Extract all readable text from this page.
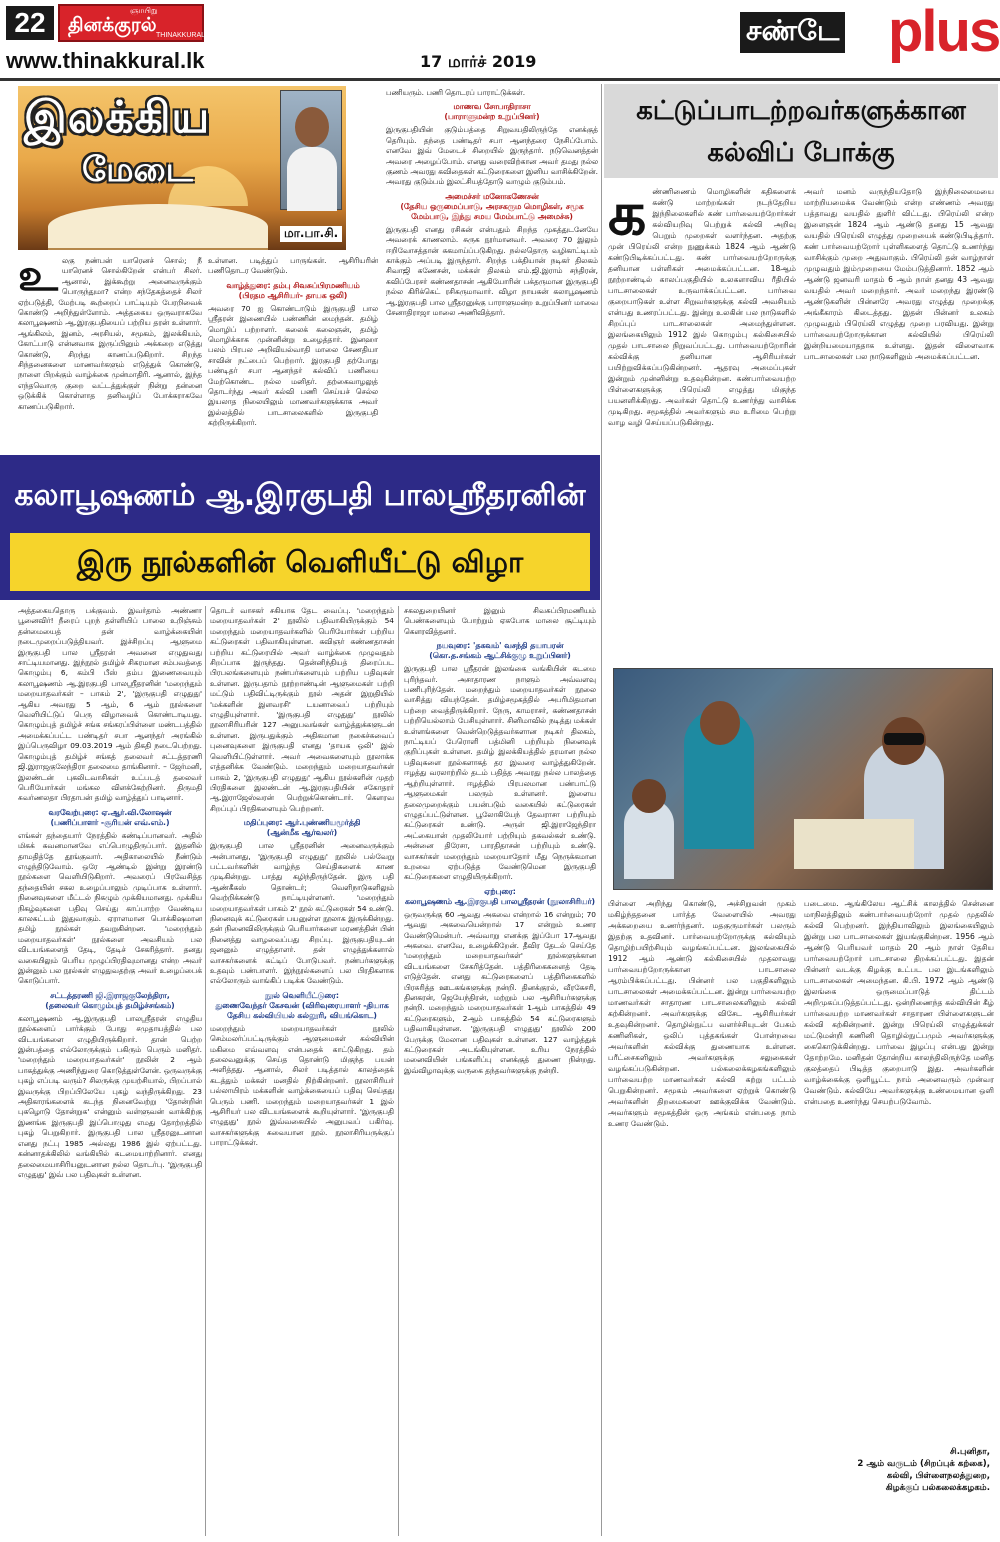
22	ஞாயிறு
தினக்குரல் THINAKKURAL
www.thinakkural.lk	17 மார்ச் 2019
சண்டே plus
இலக்கிய
மேடை
மா.பா.சி.
உ லகு நண்பன் யாரெனச் சொல்; நீ யாரெனச் சொல்கிறேன் என்பர் சிலர். ஆனால், இக்கூற்று அனைவருக்கும் பொருந்துமா? என்ற சந்தேகத்தைச் சிலர் ஏற்படுத்தி, மேற்படி கூற்றைப் பாட்டியும் பேரறிவைக் கொண்டு அறிந்துள்ளோம். அத்தகைய ஒருவராகவே கலாபூஷணம் ஆ.இரகுபதியைப் பற்றிய தரன் உள்ளார். ஆங்கிலம், இனம், அரசியல், சமூகம், இலக்கியம், கோட்பாடு என்னவாக இருப்பினும் அக்கறை எடுத்து கொண்டு, சிறந்து காணப்படுகிறார். சிறந்த சிந்தனைகளை மாணவர்களும் எடுத்துக் கொண்டு, நாளை பிறக்கும் வாழ்க்கை முன்மாதிரி. ஆனால், இந்த எந்தவொரு குறை வட்டத்துக்குள் நின்று தன்னை ஒடுக்கிக் கொள்ளாத தனிவழிப் போக்கராகவே காணப்படுகிறார்.

உள்ளன. படித்துப் பாருங்கள். ஆசிரியரின் பணிதொடர வேண்டும்.

வாழ்த்துரை: தம்பு சிவசுப்பிரமணியம்
(பிரதம ஆசிரியர்- தாயக ஒலி)

அவரை 70 ஐ கொண்டாடும் இருகுபதி பால ஸ்ரீதரன் இணையில் பண்ணின் மைந்தன். தமிழ் மொழிப் பற்றாளர். கலைக் கலைஞன், தமிழ் மொழிக்காக முன்னின்று உழைத்தார். இனஹா பலம் பிரபல அறிவியல்வாதி மாலை சேணதியா சாவின் நட்பைப் பெற்றார். இரகுபதி தற்போது பண்டிதர் சபா ஆனந்தர் கல்விப் பணியை மேற்கொண்ட நல்ல மனிதர். தற்கைவாழலுத் தொடர்ந்து அவர் கல்வி பணி செய்யச் செல்ல இயலாத நிலையிலும் மாணவர்களுக்காக அவர் இல்லத்தில் பாடசாலைகளில் இருகுபதி கற்றிருக்கிறார்.

பணியரும். பணி தொடரப் பாராட்டுக்கள்.

மாணவ சோபாதிராசா
(பாராளுமன்ற உறுப்பினர்)

இருகுபதியின் குடும்பத்தை சிறுவயதிலிருந்தே எனக்குத் தெரியும். தந்தை பண்டிதர் சபா ஆனந்தரை நேசிப்போம். எனவே இவ் மேடைச் சிறையில் இருந்தார். நடுவெனத்தன் அவரை அழைப்போம். எனது வரைவிற்கான அவர் தமது நல்ல குணம் அவரது கவிதைகள் கட்டுரைகளை இனிய வாசிக்கிறேன். அவரது குடும்பம் இலட்சியத்தோடு வாழும் குடும்பம்.

அமைச்சர் மனோகணேசன்
(தேசிய ஒருமைப்பாடு, அரசகரும மொழிகள், சமூக மேம்பாடு, இந்து சமய மேம்பாட்டு அமைச்சு)

இருகுபதி எனது ரசிகன் என்பதும் சிறந்த முகத்துடனேயே அவரைக் காணலாம். சுருக நூர்மானவர். அவரை 70 இலும் ஈறிவோசத்தான் சுகமாய்ப்படுகிறது. நல்லதொரு வழிகாட்டிபம் காக்கும் அப்படி இருந்தார். சிறந்த பக்தியான் நடிகர் திலகம் சிவாஜி கணேசன், மக்கள் திலகம் எம்.ஜி.இராம் சந்திரன், கவிப்பேரசர் கண்ணதாசன் ஆகியோரின் பக்தருமான இருகுபதி நல்ல கிரிக்கெட் ரசிகருமாவார். விழா நாயகன் கலாபூஷணம் ஆ.இரகுபதி பால ஸ்ரீதரனுக்கு பாராளுமன்ற உறுப்பினர் மாவை சேனாதிராஜா மாலை அணிவித்தார்.

கலாபூஷணம் ஆ.இரகுபதி பாலஸ்ரீதரனின்
இரு நூல்களின் வெளியீட்டு விழா

அத்தகையதொரு பக்குவம். இவர்தாம் அண்ணா பூனைவிர்! நீரைப் புறந் தள்ளியிப் பாலை உறிஞ்சும் தன்மையைத் தன் வாழ்க்கையின் நடைமுறைப்படுத்தியவர். இச்சிறப்பு ஆளுமை இருகுபதி பால ஸ்ரீதரன் அவனை எழுதுவது சாட்டியமானது. இந்நூல் தமிழ்ச் சிகரமான சம்பவத்தை கொழும்பு 6, கம்பி பீஸ் தம்ப இணைவையும் கலாபூஷணம் ஆ.இரகுபதி பாலஸ்ரீதரனின் 'மறைந்தும் மறையாதவர்கள் – பாகம் 2', 'இருகுபதி எழுதுது' ஆகிய அவரது 5 ஆம், 6 ஆம் நூல்களை வெளியிட்டுப் பெரு விழாவைக் கொண்டாடியது. கொழும்புத் தமிழ்ச் சங்க சங்கரப்பிள்ளை மண்டபத்தில் அமைக்கப்பட்ட பண்டிதர் சபா ஆனந்தர் அரங்கில் இப்பெருவிழா 09.03.2019 ஆம் திகதி நடைபெற்றது. கொழும்புத் தமிழ்ச் சங்கத் தலைவர் சட்டத்தரணி ஜி.இராஜகுலேந்திரா தலைமை தாங்கினார். – ஜேர்மனி, இலண்டன் புகலிடவாசிகள் உட்படத் தலைவர் பெரியோர்கள் மங்கல விளக்கேற்றினர். திருமதி சுவர்ணலதா பிரதாபன் தமிழ் வாழ்த்துப் பாடினார்.

வரவேற்புரை: ஏ.ஆர்.வி.லோஷன்
(பணிப்பாளர் -சூரியன் எவ்.எம்.)

எங்கள் தந்தையார் நேரத்தில் கண்டிப்பானவர். அதில் மிகக் கவனமானவே எப்பொழுதிருப்பார். இதனில் தாமதித்தே தூங்குவார். அதிகாலையில் நீண்டும் எழுந்திடுவோம். ஒரே ஆண்டில் இன்று இரண்டு நூல்களை வெளியிடுகிறார். அவரைப் பிரவேசித்த தந்தையின் சகல உழைப்பாலும் முடிப்பாக உள்ளார். நினைவுகளை மீட்டல் நிகழும் முக்கியமானது. முக்கிய நிகழ்வுகளை பதிவு செய்து காப்பாற்ற வேண்டிய காலகட்டம் இதுவாகும். ஏராளமான பொக்கிஷமான தமிழ் நூல்கள் தவறுகின்றன. 'மறைந்தும் மறையாதவர்கள்' நூல்களை அவசியம் பல விடயங்களைத் தேடி, தேடிச் சேகரித்தார். தனது வகையிலும் பெரிய முழுப்பிரதிவுமானது என்ற அவர் இன்னும் பல நூல்கள் எழுதுவதற்கு அவர் உழைப்பைக் கொடுப்பார்.

சட்டத்தரணி ஜி.இராஜகுலேந்திரா,
(தலைவர் கொழும்புத் தமிழ்ச்சங்கம்)

கலாபூஷணம் ஆ.இருகுபதி பாலஸ்ரீதரன் எழுதிய நூல்களைப் பார்க்கும் போது சமுதாயத்தில் பல விடயங்களை எழுதியிருக்கிறார். தான் பெற்ற இன்பத்தை எல்லோருக்கும் பகிரும் பெரும் மனிதர். 'மறைந்தும் மறையாதவர்கள்' நூலின் 2 ஆம் பாகத்துக்கு அணிந்துரை கொடுத்துள்ளேன். ஒருவருக்கு புகழ் எப்படி வரும்? சிலருக்கு முயற்சியால், பிறப்பால் இவருக்கு பிறப்பிலேயே புகழ் வந்திருக்கிறது. 23 அதிகாரங்களைக் கடந்த நினைவேற்று 'தோன்றின் புகழொடு தோன்றுக' என்னும் வள்ளுவன் வாக்கிற்கு இணங்க இருகுபதி இப்பொழுது எமது தோற்றத்தில் புகழ் பெறுகிறார். இருகுபதி பால ஸ்ரீதரனுடனான எனது நட்பு 1985 அல்லது 1986 இல் ஏற்பட்டது. கன்னாதக்கிலில் வங்கியில் கடமையாற்றினார். எனது தலைமையாசிரியனுடனான நல்ல தொடர்பு. 'இருகுபதி எழுதுது' இவ் பல பதிவுகள் உள்ளன.

தொடர் வாசகர் சகியாக தேட வைப்பு. 'மறைந்தும் மறையாதவர்கள் 2' நூலில் பதிவாகியிருக்கும் 54 மறைந்தும் மறையாதவர்களில் பெரியோர்கள் பற்றிய கட்டுரைகள் பதிவாகியுள்ளன. கவிஞர் கண்ணதாசன் பற்றிய கட்டுரையில் அவர் வாழ்க்கை முழுவதும் சிறப்பாக இருந்தது. தென்னிந்தியத் திரைப்பட பிரபலங்களையும் நண்பர்களையும் பற்றிய பதிவுகள் உள்ளன. இருபதாம் நூற்றாண்டின் ஆளுமைகள் பற்றி மட்டும் பதிவிட்டிருக்கும் நூல் அதன் இறுதியில் 'மக்களின் இளவரசி' டயனாவைப் பற்றியும் எழுதியுள்ளார். 'இருகுபதி எழுதுது' நூலில் நூலாசிரியரின் 127 அனுபவங்கள் வாழ்த்துக்களுடன் உள்ளன. இருபதுக்கும் அதிகமான நகைச்சுவைப் புனைவுகளை இருகுபதி எனது 'தாயக ஒலி' இல் வெளியிட்டுள்ளார். அவர் அவைகளையும் நூலாக்க எத்தனிக்க வேண்டும். மறைந்தும் மறையாதவர்கள் பாகம் 2, 'இருகுபதி எழுதுது' ஆகிய நூல்களின் முதற் பிரதிகளை இலண்டன் ஆ.இரகுபதியின் சகோதரர் ஆ.இராஜேஸ்வரன் பெற்றுக்கொண்டார். கௌரவ சிறப்புப் பிரதிகளையும் பெற்றனர்.

மதிப்புரை: ஆர்.புண்ணியமூர்த்தி
(ஆன்மீக ஆர்வலர்)

இருகுபதி பால ஸ்ரீதரனின் அனைவருக்கும் அன்பானது, 'இருகுபதி எழுதுது' நூலில் பல்வேறு பட்டவர்களின் வாழ்ந்த செய்திகளைக் காண முடிகின்றது. பாத்து கழிந்திருந்தேன். இரு பதி ஆண்கீகஸ் தொண்டர்; வெளிநாடுகளிலும் வெற்றிக்கண்டு நாட்டியுள்ளனர். 'மறைந்தும் மறையாதவர்கள் பாகம் 2' நூல் கட்டுரைகள் 54 உண்டு. நினைவுக் கட்டுரைகள் பயனுள்ள நூலாக இருக்கின்றது. தன் நினைவிலிருக்கும் பெரியார்களை மரணத்தின் பின் நினைத்து வாழவைப்பது சிறப்பு. இருகுபதியுடன் ஜனனும் எழுத்தாளர். தன் எழுத்துக்களால் வாசகர்களைக் கட்டிப் போடுபவர். நண்பர்களுக்கு உதவும் பண்பாளர். இந்நூல்களைப் பல பிரதிகளாக எல்லோரும் வாங்கிப் படிக்க வேண்டும்.

நூல் வெளியீட்டுரை:
துணைவேந்தர் கேசவன் (விரிவுரையாளர் -தியாக தேசிய கல்வியியல் கல்லூரி, வியங்கொட)

மறைந்தும் மறையாதவர்கள் நூலில் செம்மலர்ப்பட்டிருக்கும் ஆளுமைகள் கல்வியின் மகிமை எவ்வளவு என்பதைக் காட்டுகிறது. தம் தலைவனுக்கு செய்த தொண்டு மிகுந்த பயன் அளித்தது. ஆனால், சிலர் படித்தால் காலத்தைக் கடத்தும் மக்கள் மனதில் நிற்கின்றனர். நூலாசிரியர் பல்லாயிரம் மக்களின் வாழ்க்கையைப் பதிவு செய்தது பெரும் பணி. மறைந்தும் மறையாதவர்கள் 1 இல் ஆசிரியர் பல விடயங்களைக் கூறியுள்ளார். 'இருகுபதி எழுதுது' நூல் இவ்வகையில் அனுபவப் பகிர்வு. வாசகர்களுக்கு சுவையான நூல். நூலாசிரியருக்குப் பாராட்டுக்கள்.

சகலதுறையினர் இனும் சிவசுப்பிரமணியம் பெண்களையும் போற்றும் ஏகபோக மாலை சூட்டியும் கௌரவித்தனர்.

நயவுரை: 'தகவம்' வசந்தி தயாபரன்
(கொ.த.சங்கம் ஆட்சிக்குழு உறுப்பினர்)

இருகுபதி பால ஸ்ரீதரன் இலங்கை வங்கியின் கடமை புரிந்தவர். அசாதாரண நாளும் அவ்வளவு பணிபுரிந்தேன். மறைந்தும் மறையாதவர்கள் நூலை வாசித்து வியந்தேன். தமிழ்சமூகத்தில் அபரிமிதமான பற்றை வைத்திருக்கிறார். நேரு, காமராசர், கண்ணதாசன் பற்றியெல்லாம் பேசியுள்ளார். சினிமாவில் நடித்து மக்கள் உள்ளங்களை வென்றெடுத்தவர்களான நடிகர் திலகம், நாட்டியப் பேரொளி பத்மினி பற்றியும் நினைவுக் குறிப்புகள் உள்ளன. தமிழ் இலக்கியத்தில் தரமான நல்ல பதிவுகளை நூல்களாகத் தர இவரை வாழ்த்துகிறேன். ஈழத்து வரலாற்றில் தடம் பதித்த அவரது நல்ல பாலத்தை ஆற்றியுள்ளார். ஈழத்தில் பிரபலமான பண்பாட்டு ஆளுமைகள் பலரும் உள்ளனர். இளைய தலைமுறைக்கும் பயன்படும் வகையில் கட்டுரைகள் எழுதப்பட்டுள்ளன. பூலோகியேந் தேவராசா பற்றியும் கட்டுரைகள் உண்டு. அருள் ஜி.இராஜேந்திரா அட்கையான் முதலியோர் பற்றியும் தகவல்கள் உண்டு. அன்னை திரேசா, பாரதிதாசன் பற்றியும் உண்டு. வாசகர்கள் மறைந்தும் மறையாதோர் மீது நெருக்கமான உறவை ஏற்படுத்த வேண்டுமென இருகுபதி கட்டுரைகளை எழுதியிருக்கிறார்.

ஏற்புரை:
கலாபூஷணம் ஆ.இரகுபதி பாலஸ்ரீதரன் (நூலாசிரியர்)

ஒருவருக்கு 60 ஆவது அகவை என்றால் 16 என்றும்; 70 ஆவது அகவையென்றால் 17 என்றும் உணர வேண்டுமென்பர். அவ்வாறு எனக்கு இப்போ 17ஆவது அகவை. எனவே, உழைக்கிறேன். தீவிர தேடல் செய்தே 'மறைந்தும் மறையாதவர்கள்' நூல்களுக்கான விடயங்களை சேகரித்தேன். பத்திரிகைகளைத் தேடி எடுத்தேன். எனது கட்டுரைகளைப் பத்திரிகைகளில் பிரசுரித்த ஊடகங்களுக்கு நன்றி. தினக்குரல், வீரகேசரி, தினகரன், ஜெயேந்திரன், மற்றும் பல ஆசிரியர்களுக்கு நன்றி. மறைந்தும் மறையாதவர்கள் 1ஆம் பாகத்தில் 49 கட்டுரைகளும், 2ஆம் பாகத்தில் 54 கட்டுரைகளும் பதிவாகியுள்ளன. 'இருகுபதி எழுதுது' நூலில் 200 பேருக்கு மேலான பதிவுகள் உள்ளன. 127 வாழ்த்துக் கட்டுரைகள் அடங்கியுள்ளன. உரிய நேரத்தில் மனைவியின் பங்களிப்பு எனக்குத் துணை நின்றது. இவ்விழாவுக்கு வருகை தந்தவர்களுக்கு நன்றி.

கட்டுப்பாடற்றவர்களுக்கான கல்விப் போக்கு
க ண்ணிணைம் மொழிகளின் கதிகளைக் கண்டு மாற்றங்கள் நடந்தேறிய இந்நிலைகளில் கண் பார்வையற்றோர்கள் கல்வியறிவு பெற்றுக் கல்வி அறிவு பெறும் முறைகள் வளர்ந்தன. அதற்கு முன் பிரெய்லி என்ற நுணுக்கம் 1824 ஆம் ஆண்டு கண்டுபிடிக்கப்பட்டது. கண் பார்வையற்றோருக்கு தனியான பள்ளிகள் அமைக்கப்பட்டன. 18ஆம் நூற்றாண்டில் காலப்பகுதியில் உலகளாவிய ரீதியில் பாடசாலைகள் உருவாக்கப்பட்டன. பார்வை குறைபாடுகள் உள்ள சிறுவர்களுக்கு கல்வி அவசியம் என்பது உணரப்பட்டது. இன்று உலகின் பல நாடுகளில் சிறப்புப் பாடசாலைகள் அமைந்துள்ளன. இலங்கையிலும் 1912 இல் கொழும்பு கல்கிசையில் முதல் பாடசாலை நிறுவப்பட்டது. பார்வையற்றோரின் கல்விக்கு தனியான ஆசிரியர்கள் பயிற்றுவிக்கப்படுகின்றனர். ஆதரவு அமைப்புகள் இன்றும் முன்னின்று உதவுகின்றன. கண்பார்வையற்ற பிள்ளைகளுக்கு பிரெய்லி எழுத்து மிகுந்த பயனளிக்கிறது. அவர்கள் தொட்டு உணர்ந்து வாசிக்க முடிகிறது. சமூகத்தில் அவர்களும் சம உரிமை பெற்று வாழ வழி செய்யப்படுகின்றது.
அவர் மனம் வருந்தியதோடு இந்நிலைமையை மாற்றியமைக்க வேண்டும் என்ற எண்ணம் அவரது பத்தாவது வயதில் துளிர் விட்டது. பிரெய்லி என்ற இளைஞன் 1824 ஆம் ஆண்டு தனது 15 ஆவது வயதில் பிரெய்லி எழுத்து முறையைக் கண்டுபிடித்தார். கண் பார்வையற்றோர் புள்ளிகளைத் தொட்டு உணர்ந்து வாசிக்கும் முறை அதுவாகும். பிரெய்லி தன் வாழ்நாள் முழுவதும் இம்முறையை மேம்படுத்தினார். 1852 ஆம் ஆண்டு ஜனவரி மாதம் 6 ஆம் நாள் தனது 43 ஆவது வயதில் அவர் மறைந்தார். அவர் மறைந்து இரண்டு ஆண்டுகளின் பின்னரே அவரது எழுத்து முறைக்கு அங்கீகாரம் கிடைத்தது. இதன் பின்னர் உலகம் முழுவதும் பிரெய்லி எழுத்து முறை பரவியது. இன்று பார்வையற்றோருக்கான கல்வியில் பிரெய்லி இன்றியமையாததாக உள்ளது. இதன் விளைவாக பாடசாலைகள் பல நாடுகளிலும் அமைக்கப்பட்டன.
பிள்ளை அறிந்து கொண்டு, அச்சிறுவன் முகம் மகிழ்ந்ததனை பார்த்த வேளையில் அவரது அக்கறையை உணர்ந்தனர். மதகுருமார்கள் பலரும் இதற்கு உதவினர். பார்வையற்றோருக்கு கல்வியும் தொழிற்பயிற்சியும் வழங்கப்பட்டன. இலங்கையில் 1912 ஆம் ஆண்டு கல்கிசையில் முதலாவது பார்வையற்றோருக்கான பாடசாலை ஆரம்பிக்கப்பட்டது. பின்னர் பல பகுதிகளிலும் பாடசாலைகள் அமைக்கப்பட்டன. இன்று பார்வையற்ற மாணவர்கள் சாதாரண பாடசாலைகளிலும் கல்வி கற்கின்றனர். அவர்களுக்கு விசேட ஆசிரியர்கள் உதவுகின்றனர். தொழில்நுட்ப வளர்ச்சியுடன் பேசும் கணினிகள், ஒலிப் புத்தகங்கள் போன்றவை அவர்களின் கல்விக்கு துணையாக உள்ளன. பரீட்சைகளிலும் அவர்களுக்கு சலுகைகள் வழங்கப்படுகின்றன. பல்கலைக்கழகங்களிலும் பார்வையற்ற மாணவர்கள் கல்வி கற்று பட்டம் பெறுகின்றனர். சமூகம் அவர்களை ஏற்றுக் கொண்டு அவர்களின் திறமைகளை ஊக்குவிக்க வேண்டும். அவர்களும் சமூகத்தின் ஒரு அங்கம் என்பதை நாம் உணர வேண்டும்.
படைமை. ஆங்கிலேய ஆட்சிக் காலத்தில் சென்னை மாநிலத்திலும் கண்பார்வையற்றோர் முதல் முதலில் கல்வி பெற்றனர். இந்தியாவிலும் இலங்கையிலும் இன்று பல பாடசாலைகள் இயங்குகின்றன. 1956 ஆம் ஆண்டு பெரியவர் மாதம் 20 ஆம் நாள் தேசிய பார்வையற்றோர் பாடசாலை திறக்கப்பட்டது. இதன் பின்னர் வடக்கு கிழக்கு உட்பட பல இடங்களிலும் பாடசாலைகள் அமைந்தன. கி.பி. 1972 ஆம் ஆண்டு இலங்கை ஒருமைப்பாடுத் திட்டம் அறிமுகப்படுத்தப்பட்டது. ஒன்றிணைந்த கல்வியின் கீழ் பார்வையற்ற மாணவர்கள் சாதாரண பிள்ளைகளுடன் கல்வி கற்கின்றனர். இன்று பிரெய்லி எழுத்துக்கள் மட்டுமன்றி கணினி தொழில்நுட்பமும் அவர்களுக்கு கைகொடுக்கின்றது. பார்வை இழப்பு என்பது இன்று தோற்றமே. மனிதன் தோன்றிய காலந்திலிருந்தே மனித குலத்தைப் பிடித்த குறைபாடு இது. அவர்களின் வாழ்க்கைக்கு ஒளியூட்ட நாம் அனைவரும் முன்வர வேண்டும். கல்வியே அவர்களுக்கு உண்மையான ஒளி என்பதை உணர்ந்து செயற்படுவோம்.
சி.புனிதா,
2 ஆம் வருடம் (சிறப்புக் கற்கை),
கல்வி, பிள்ளைநலத்துறை,
கிழக்குப் பல்கலைக்கழகம்.
